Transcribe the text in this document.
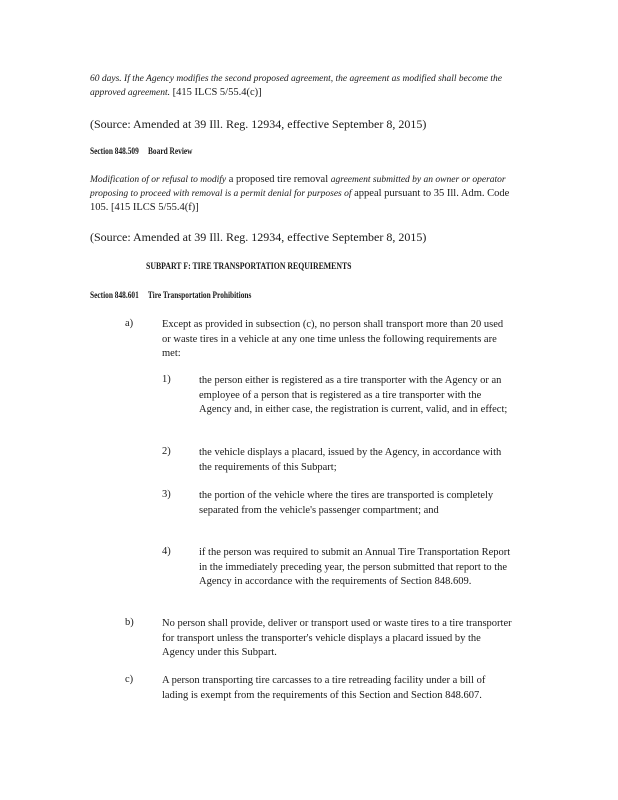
60 days. If the Agency modifies the second proposed agreement, the agreement as modified shall become the approved agreement. [415 ILCS 5/55.4(c)]
(Source: Amended at 39 Ill. Reg. 12934, effective September 8, 2015)
Section 848.509 Board Review
Modification of or refusal to modify a proposed tire removal agreement submitted by an owner or operator proposing to proceed with removal is a permit denial for purposes of appeal pursuant to 35 Ill. Adm. Code 105. [415 ILCS 5/55.4(f)]
(Source: Amended at 39 Ill. Reg. 12934, effective September 8, 2015)
SUBPART F: TIRE TRANSPORTATION REQUIREMENTS
Section 848.601 Tire Transportation Prohibitions
a)	Except as provided in subsection (c), no person shall transport more than 20 used or waste tires in a vehicle at any one time unless the following requirements are met:
1)	the person either is registered as a tire transporter with the Agency or an employee of a person that is registered as a tire transporter with the Agency and, in either case, the registration is current, valid, and in effect;
2)	the vehicle displays a placard, issued by the Agency, in accordance with the requirements of this Subpart;
3)	the portion of the vehicle where the tires are transported is completely separated from the vehicle's passenger compartment; and
4)	if the person was required to submit an Annual Tire Transportation Report in the immediately preceding year, the person submitted that report to the Agency in accordance with the requirements of Section 848.609.
b)	No person shall provide, deliver or transport used or waste tires to a tire transporter for transport unless the transporter's vehicle displays a placard issued by the Agency under this Subpart.
c)	A person transporting tire carcasses to a tire retreading facility under a bill of lading is exempt from the requirements of this Section and Section 848.607.
